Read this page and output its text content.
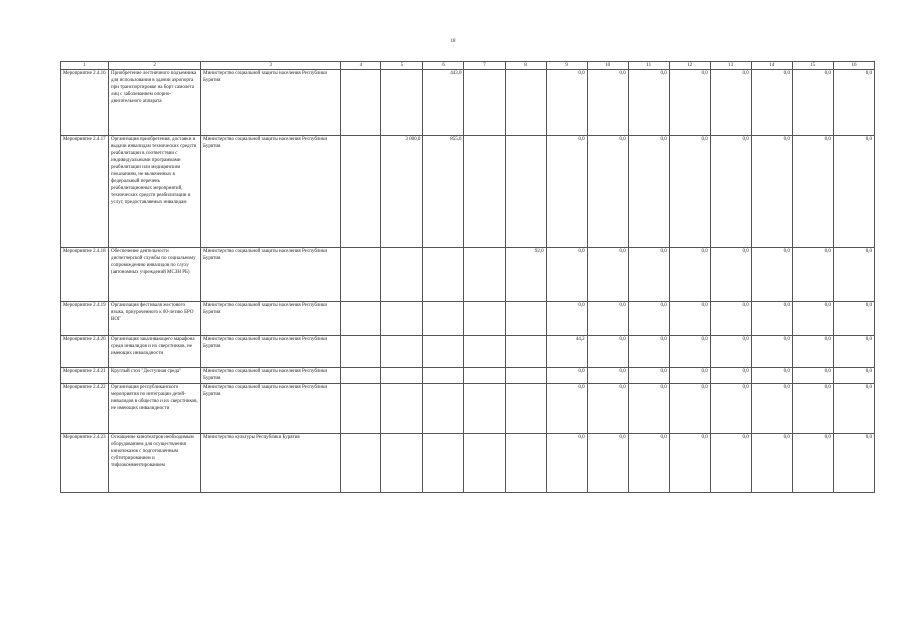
18
1	2	3	4	5	6	7	8	9	10	11	12	13	14	15	16
Мероприятие 2.4.16	Приобретение лестничного подъемника для использования в здании аэропорта при транспортировке на борт самолета лиц с заболеванием опорно-двигательного аппарата	Министерство социальной защиты населения Республики Бурятия			443,0			0,0	0,0	0,0	0,0	0,0	0,0	0,0	0,0
Мероприятие 2.4.17	Организация приобретения, доставки и выдачи инвалидам технических средств реабилитации в соответствии с индивидуальными программами реабилитации или медицинским показаниям, не включенных в федеральный перечень реабилитационных мероприятий, технических средств реабилитации и услуг, предоставляемых инвалидам	Министерство социальной защиты населения Республики Бурятия		3 000,0	855,6			0,0	0,0	0,0	0,0	0,0	0,0	0,0	0,0
Мероприятие 2.4.18	Обеспечение деятельности диспетчерской службы по социальному сопровождению инвалидов по слуху (автономных учреждений МСЗН РБ)	Министерство социальной защиты населения Республики Бурятия					92,0	0,0	0,0	0,0	0,0	0,0	0,0	0,0	0,0
Мероприятие 2.4.19	Организация фестиваля жестового языка, приуроченного к 60-летию БРО ВОГ	Министерство социальной защиты населения Республики Бурятия						0,0	0,0	0,0	0,0	0,0	0,0	0,0	0,0
Мероприятие 2.4.20	Организация закаливающего марафона среди инвалидов и их сверстников, не имеющих инвалидности	Министерство социальной защиты населения Республики Бурятия						44,2	0,0	0,0	0,0	0,0	0,0	0,0	0,0
Мероприятие 2.4.21	Круглый стол "Доступная среда"	Министерство социальной защиты населения Республики Бурятия						0,0	0,0	0,0	0,0	0,0	0,0	0,0	0,0
Мероприятие 2.4.22	Организация республиканского мероприятия по интеграции детей-инвалидов в общество и их сверстников, не имеющих инвалидности	Министерство социальной защиты населения Республики Бурятия						0,0	0,0	0,0	0,0	0,0	0,0	0,0	0,0
Мероприятие 2.4.23	Оснащение кинотеатров необходимым оборудованием для осуществления кинопоказов с подготовленным субтитрированием и тифлокомментированием	Министерство культуры Республики Бурятия						0,0	0,0	0,0	0,0	0,0	0,0	0,0	0,0
